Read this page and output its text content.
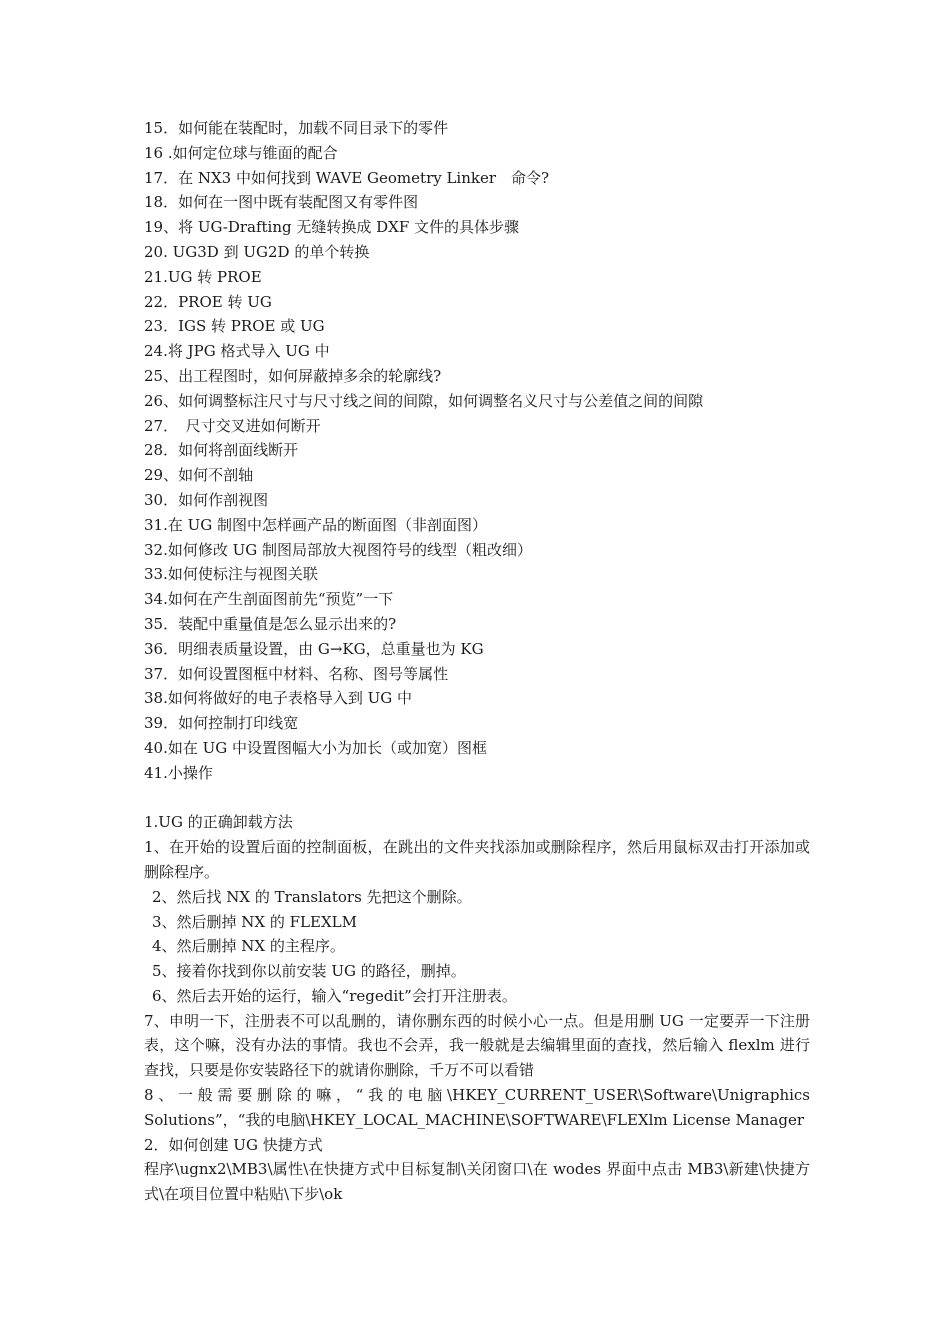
15．如何能在装配时，加载不同目录下的零件
16 .如何定位球与锥面的配合
17．在 NX3 中如何找到 WAVE Geometry Linker　命令?
18．如何在一图中既有装配图又有零件图
19、将 UG-Drafting 无缝转换成 DXF 文件的具体步骤
20. UG3D 到 UG2D 的单个转换
21.UG 转 PROE
22．PROE 转 UG
23．IGS 转 PROE 或 UG
24.将 JPG 格式导入 UG 中
25、出工程图时，如何屏蔽掉多余的轮廓线?
26、如何调整标注尺寸与尺寸线之间的间隙，如何调整名义尺寸与公差值之间的间隙
27．　尺寸交叉进如何断开
28．如何将剖面线断开
29、如何不剖轴
30．如何作剖视图
31.在 UG 制图中怎样画产品的断面图（非剖面图）
32.如何修改 UG 制图局部放大视图符号的线型（粗改细）
33.如何使标注与视图关联
34.如何在产生剖面图前先“预览”一下
35．装配中重量值是怎么显示出来的?
36．明细表质量设置，由 G→KG，总重量也为 KG
37．如何设置图框中材料、名称、图号等属性
38.如何将做好的电子表格导入到 UG 中
39．如何控制打印线宽
40.如在 UG 中设置图幅大小为加长（或加宽）图框
41.小操作
1.UG 的正确卸载方法
1、在开始的设置后面的控制面板，在跳出的文件夹找添加或删除程序，然后用鼠标双击打开添加或删除程序。
2、然后找 NX 的 Translators 先把这个删除。
3、然后删掉 NX 的 FLEXLM
4、然后删掉 NX 的主程序。
5、接着你找到你以前安装 UG 的路径，删掉。
6、然后去开始的运行，输入“regedit”会打开注册表。
7、申明一下，注册表不可以乱删的，请你删东西的时候小心一点。但是用删 UG 一定要弄一下注册表，这个嘛，没有办法的事情。我也不会弄，我一般就是去编辑里面的查找，然后输入 flexlm 进行查找，只要是你安装路径下的就请你删除，千万不可以看错
8、一般需要删除的嘛，“我的电脑\HKEY_CURRENT_USER\Software\Unigraphics Solutions”，“我的电脑\HKEY_LOCAL_MACHINE\SOFTWARE\FLEXlm License Manager
2．如何创建 UG 快捷方式
程序\ugnx2\MB3\属性\在快捷方式中目标复制\关闭窗口\在 wodes 界面中点击 MB3\新建\快捷方式\在项目位置中粘贴\下步\ok
